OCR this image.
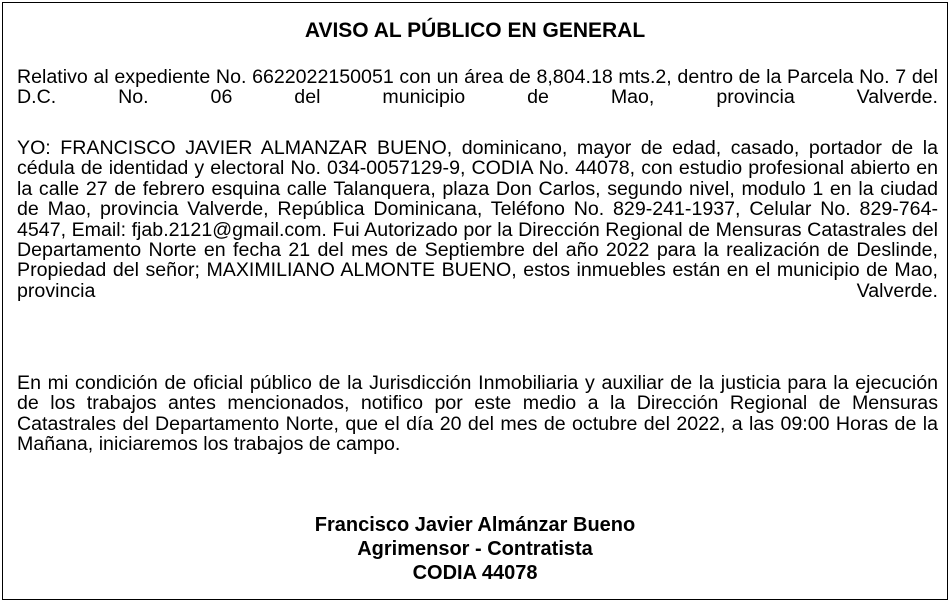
AVISO AL PÚBLICO EN GENERAL

Relativo al expediente No. 6622022150051 con un área de 8,804.18 mts.2, dentro de la Parcela No. 7 del D.C. No. 06 del municipio de Mao, provincia Valverde.

YO: FRANCISCO JAVIER ALMANZAR BUENO, dominicano, mayor de edad, casado, portador de la cédula de identidad y electoral No. 034-0057129-9, CODIA No. 44078, con estudio profesional abierto en la calle 27 de febrero esquina calle Talanquera, plaza Don Carlos, segundo nivel, modulo 1 en la ciudad de Mao, provincia Valverde, República Dominicana, Teléfono No. 829-241-1937, Celular No. 829-764-4547, Email: fjab.2121@gmail.com. Fui Autorizado por la Dirección Regional de Mensuras Catastrales del Departamento Norte en fecha 21 del mes de Septiembre del año 2022 para la realización de Deslinde, Propiedad del señor; MAXIMILIANO ALMONTE BUENO, estos inmuebles están en el municipio de Mao, provincia Valverde.

En mi condición de oficial público de la Jurisdicción Inmobiliaria y auxiliar de la justicia para la ejecución de los trabajos antes mencionados, notifico por este medio a la Dirección Regional de Mensuras Catastrales del Departamento Norte, que el día 20 del mes de octubre del 2022, a las 09:00 Horas de la Mañana, iniciaremos los trabajos de campo.

Francisco Javier Almánzar Bueno
Agrimensor - Contratista
CODIA 44078
